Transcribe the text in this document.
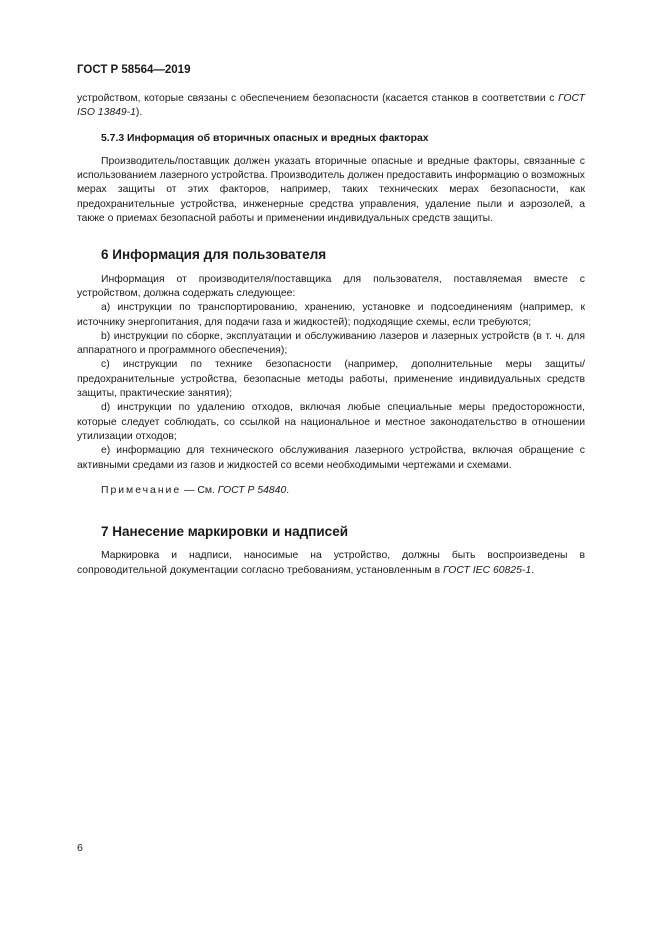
ГОСТ Р 58564—2019

устройством, которые связаны с обеспечением безопасности (касается станков в соответствии с ГОСТ ISO 13849-1).

5.7.3 Информация об вторичных опасных и вредных факторах

Производитель/поставщик должен указать вторичные опасные и вредные факторы, связанные с использованием лазерного устройства. Производитель должен предоставить информацию о возможных мерах защиты от этих факторов, например, таких технических мерах безопасности, как предохранительные устройства, инженерные средства управления, удаление пыли и аэрозолей, а также о приемах безопасной работы и применении индивидуальных средств защиты.

6 Информация для пользователя

Информация от производителя/поставщика для пользователя, поставляемая вместе с устройством, должна содержать следующее:

a) инструкции по транспортированию, хранению, установке и подсоединениям (например, к источнику энергопитания, для подачи газа и жидкостей); подходящие схемы, если требуются;

b) инструкции по сборке, эксплуатации и обслуживанию лазеров и лазерных устройств (в т. ч. для аппаратного и программного обеспечения);

c) инструкции по технике безопасности (например, дополнительные меры защиты/предохранительные устройства, безопасные методы работы, применение индивидуальных средств защиты, практические занятия);

d) инструкции по удалению отходов, включая любые специальные меры предосторожности, которые следует соблюдать, со ссылкой на национальное и местное законодательство в отношении утилизации отходов;

e) информацию для технического обслуживания лазерного устройства, включая обращение с активными средами из газов и жидкостей со всеми необходимыми чертежами и схемами.

Примечание — См. ГОСТ Р 54840.

7 Нанесение маркировки и надписей

Маркировка и надписи, наносимые на устройство, должны быть воспроизведены в сопроводительной документации согласно требованиям, установленным в ГОСТ IEC 60825-1.

6
